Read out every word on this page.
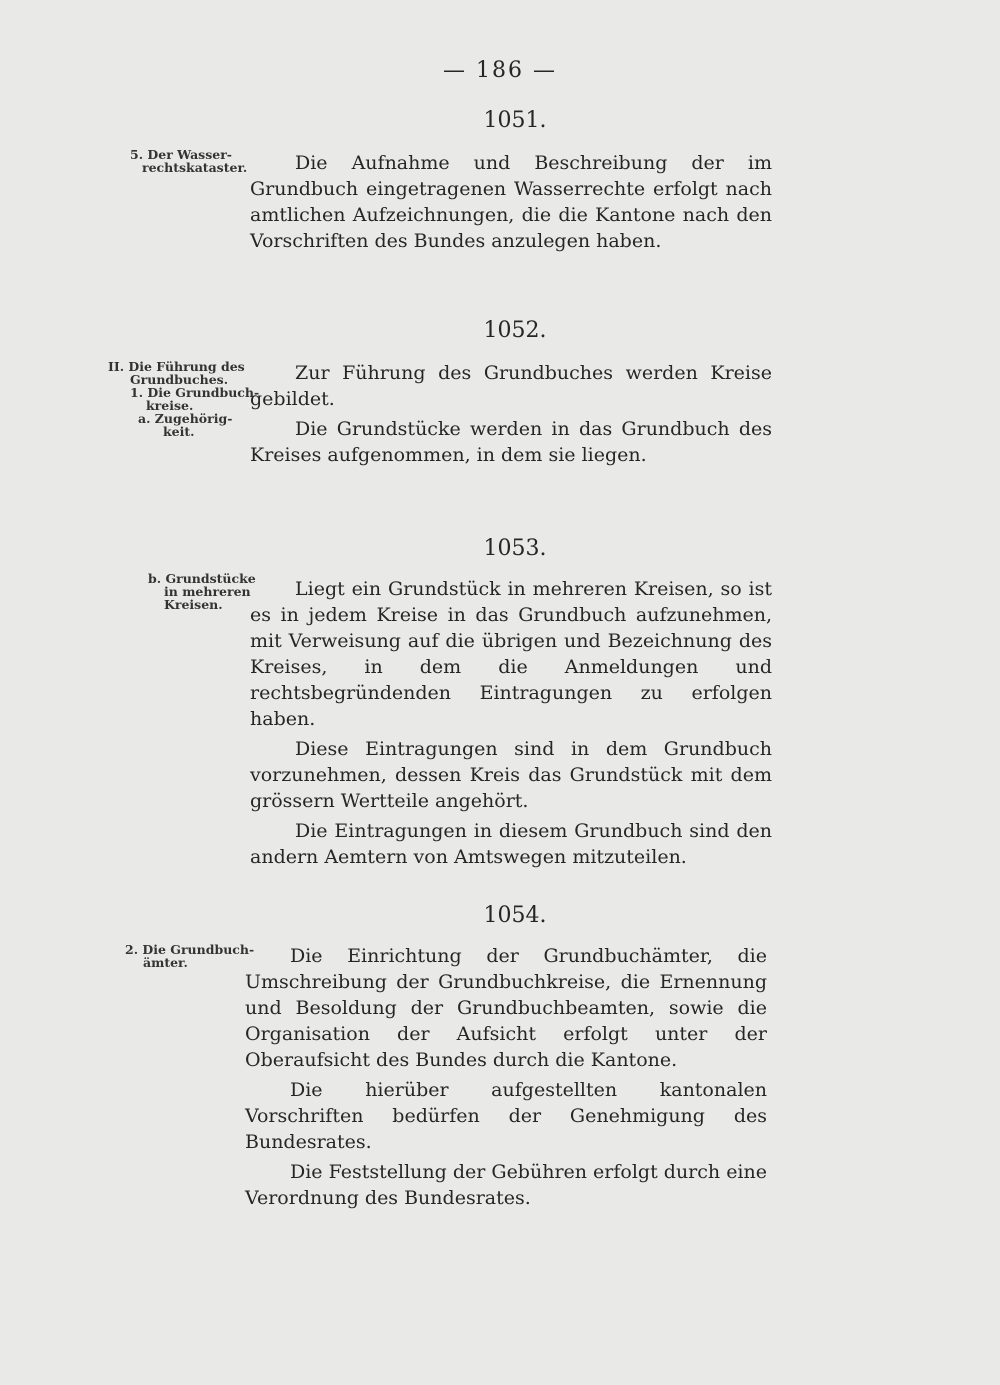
— 186 —
1051.
5. Der Wasser-
rechtskataster.	Die Aufnahme und Beschreibung der im Grundbuch eingetragenen Wasserrechte erfolgt nach amtlichen Aufzeichnungen, die die Kantone nach den Vorschriften des Bundes anzulegen haben.

1052.
II. Die Führung des
Grundbuches.
1. Die Grundbuch-
kreise.
a. Zugehörig-
keit.

Zur Führung des Grundbuches werden Kreise gebildet.

Die Grundstücke werden in das Grundbuch des Kreises aufgenommen, in dem sie liegen.

1053.
b. Grundstücke
in mehreren
Kreisen.

Liegt ein Grundstück in mehreren Kreisen, so ist es in jedem Kreise in das Grundbuch aufzunehmen, mit Verweisung auf die übrigen und Bezeichnung des Kreises, in dem die Anmeldungen und rechtsbegründenden Eintragungen zu erfolgen haben.

Diese Eintragungen sind in dem Grundbuch vorzunehmen, dessen Kreis das Grundstück mit dem grössern Wertteile angehört.

Die Eintragungen in diesem Grundbuch sind den andern Aemtern von Amtswegen mitzuteilen.

1054.
2. Die Grundbuch-
ämter.	Die Einrichtung der Grundbuchämter, die Umschreibung der Grundbuchkreise, die Ernennung und Besoldung der Grundbuchbeamten, sowie die Organisation der Aufsicht erfolgt unter der Oberaufsicht des Bundes durch die Kantone.

Die hierüber aufgestellten kantonalen Vorschriften bedürfen der Genehmigung des Bundesrates.

Die Feststellung der Gebühren erfolgt durch eine Verordnung des Bundesrates.
